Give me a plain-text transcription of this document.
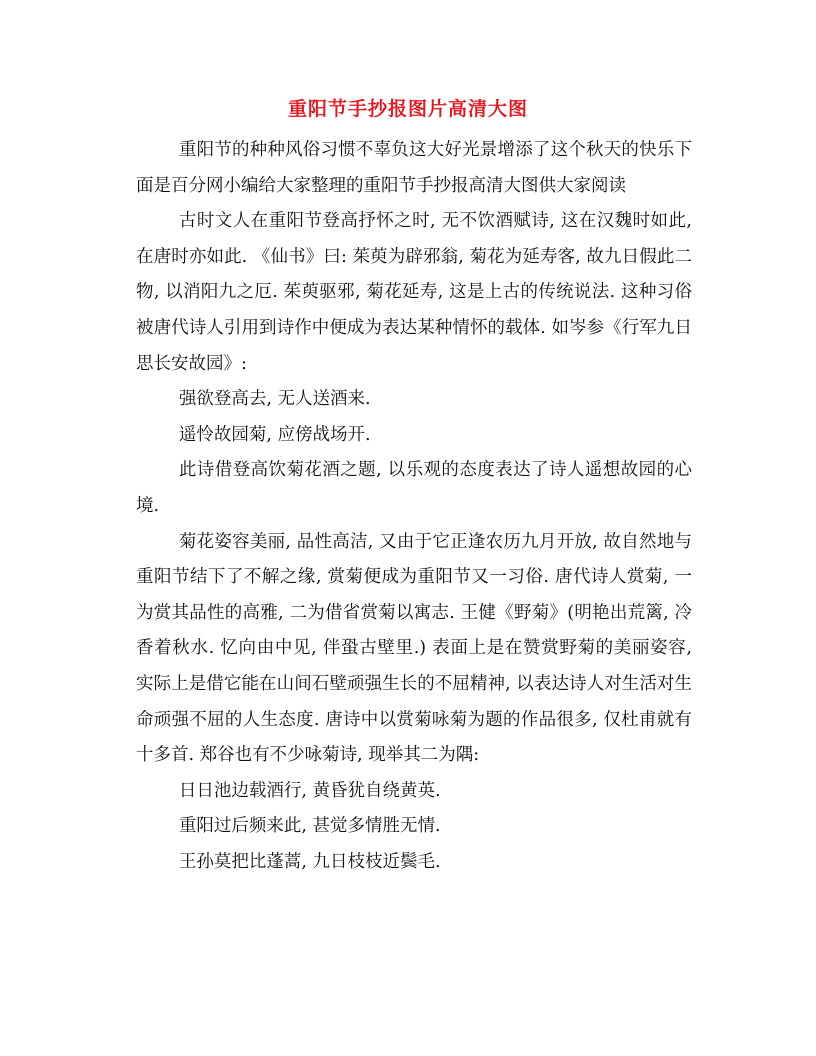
重阳节手抄报图片高清大图

重阳节的种种风俗习惯不辜负这大好光景增添了这个秋天的快乐下面是百分网小编给大家整理的重阳节手抄报高清大图供大家阅读

古时文人在重阳节登高抒怀之时, 无不饮酒赋诗, 这在汉魏时如此, 在唐时亦如此. 《仙书》曰: 茱萸为辟邪翁, 菊花为延寿客, 故九日假此二物, 以消阳九之厄. 茱萸驱邪, 菊花延寿, 这是上古的传统说法. 这种习俗被唐代诗人引用到诗作中便成为表达某种情怀的载体. 如岑参《行军九日思长安故园》:

强欲登高去, 无人送酒来.

遥怜故园菊, 应傍战场开.

此诗借登高饮菊花酒之题, 以乐观的态度表达了诗人遥想故园的心境.

菊花姿容美丽, 品性高洁, 又由于它正逢农历九月开放, 故自然地与重阳节结下了不解之缘, 赏菊便成为重阳节又一习俗. 唐代诗人赏菊, 一为赏其品性的高雅, 二为借省赏菊以寓志. 王健《野菊》(明艳出荒篱, 冷香着秋水. 忆向由中见, 伴蛩古壁里.) 表面上是在赞赏野菊的美丽姿容, 实际上是借它能在山间石壁顽强生长的不屈精神, 以表达诗人对生活对生命顽强不屈的人生态度. 唐诗中以赏菊咏菊为题的作品很多, 仅杜甫就有十多首. 郑谷也有不少咏菊诗, 现举其二为隅:

日日池边载酒行, 黄昏犹自绕黄英.

重阳过后频来此, 甚觉多情胜无情.

王孙莫把比蓬蒿, 九日枝枝近鬓毛.
